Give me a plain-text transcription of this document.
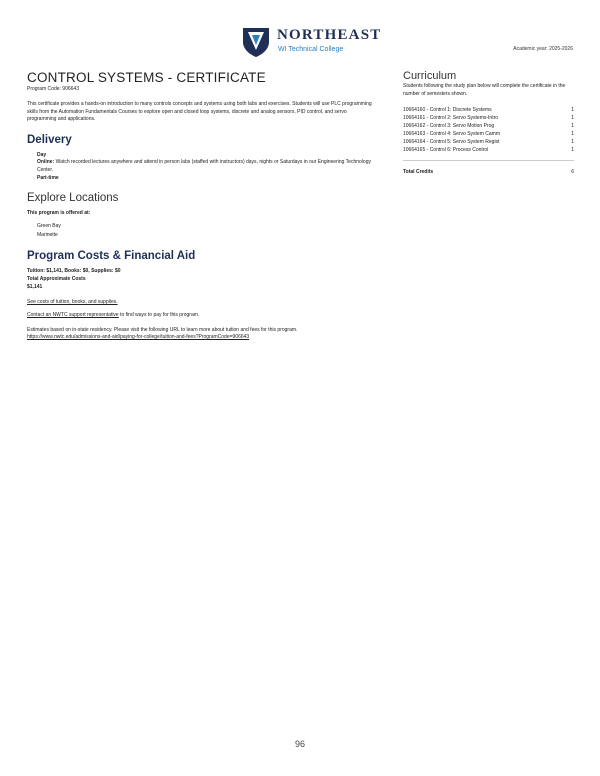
NORTHEAST
WI Technical College	Academic year: 2025-2026
CONTROL SYSTEMS - CERTIFICATE
Program Code: 906643
This certificate provides a hands-on introduction to many controls concepts and systems using both labs and exercises. Students will use PLC programming skills from the Automation Fundamentals Courses to explore open and closed loop systems, discrete and analog sensors, PID control, and servo programming and applications.
Delivery
Day
Online: Watch recorded lectures anywhere and attend in person labs (staffed with instructors) days, nights or Saturdays in our Engineering Technology Center.
Part-time
Explore Locations
This program is offered at:
Green Bay
Marinette
Program Costs & Financial Aid
Tuition: $1,141, Books: $0, Supplies: $0
Total Approximate Costs
$1,141
See costs of tuition, books, and supplies.
Contact an NWTC support representative to find ways to pay for this program.
Estimates based on in-state residency. Please visit the following URL to learn more about tuition and fees for this program.
https://www.nwtc.edu/admissions-and-aid/paying-for-college/tuition-and-fees?ProgramCode=906643
Curriculum
Students following the study plan below will complete the certificate in the number of semesters shown.
10664160 - Control 1: Discrete Systems	1
10664161 - Control 2: Servo Systems-Intro	1
10664162 - Control 3: Servo Motion Prog	1
10664163 - Control 4: Servo System Camm	1
10664164 - Control 5: Servo System Regist	1
10664165 - Control 6: Process Control	1
Total Credits	6
96
